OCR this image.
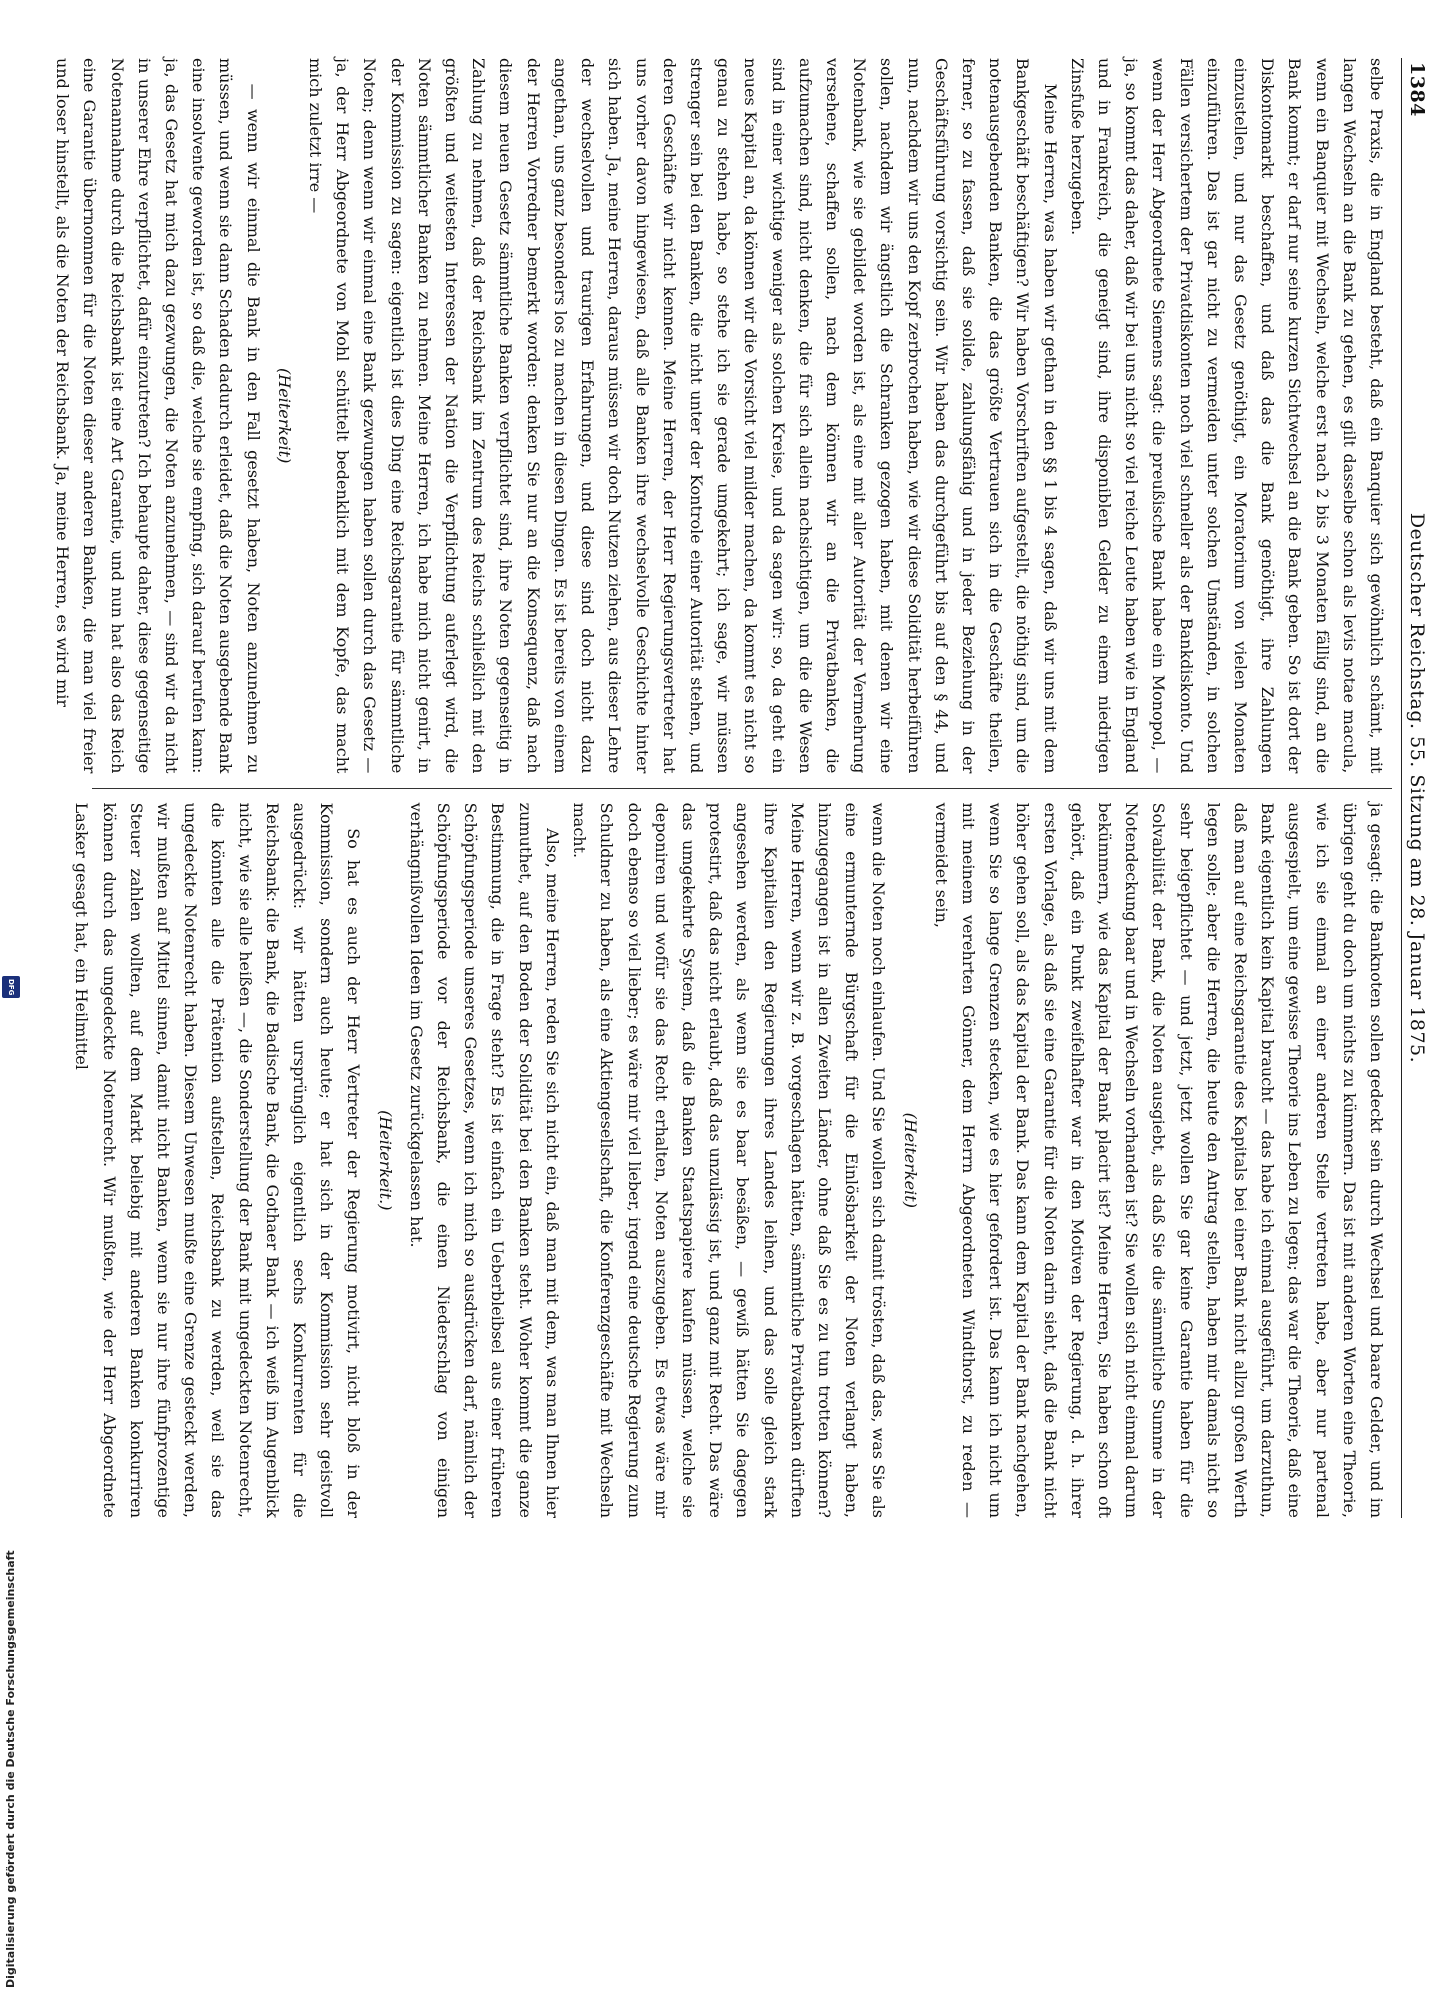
1384
Deutscher Reichstag. 55. Sitzung am 28. Januar 1875.

selbe Praxis, die in England besteht, daß ein Banquier sich gewöhnlich schämt, mit langen Wechseln an die Bank zu gehen, es gilt dasselbe schon als levis notae macula, wenn ein Banquier mit Wechseln, welche erst nach 2 bis 3 Monaten fällig sind, an die Bank kommt; er darf nur seine kurzen Sichtwechsel an die Bank geben. So ist dort der Diskontomarkt beschaffen, und daß das die Bank genöthigt, ihre Zahlungen einzustellen, und nur das Gesetz genöthigt, ein Moratorium von vielen Monaten einzuführen. Das ist gar nicht zu vermeiden unter solchen Umständen, in solchen Fällen versichertem der Privatdiskonten noch viel schneller als der Bankdiskonto. Und wenn der Herr Abgeordnete Siemens sagt: die preußische Bank habe ein Monopol, — ja, so kommt das daher, daß wir bei uns nicht so viel reiche Leute haben wie in England und in Frankreich, die geneigt sind, ihre disponiblen Gelder zu einem niedrigen Zinsfuße herzugeben.

Meine Herren, was haben wir gethan in den §§ 1 bis 4 sagen, daß wir uns mit dem Bankgeschäft beschäftigen? Wir haben Vorschriften aufgestellt, die nöthig sind, um die notenausgebenden Banken, die das größte Vertrauen sich in die Geschäfte theilen, ferner, so zu fassen, daß sie solide, zahlungsfähig und in jeder Beziehung in der Geschäftsführung vorsichtig sein. Wir haben das durchgeführt bis auf den § 44, und nun, nachdem wir uns den Kopf zerbrochen haben, wie wir diese Solidität herbeiführen sollen, nachdem wir ängstlich die Schranken gezogen haben, mit denen wir eine Notenbank, wie sie gebildet worden ist, als eine mit aller Autorität der Vermehrung versehene, schaffen sollen, nach dem können wir an die Privatbanken, die aufzumachen sind, nicht denken, die für sich allein nachsichtigen, um die die Wesen sind in einer wichtige weniger als solchen Kreise, und da sagen wir: so, da geht ein neues Kapital an, da können wir die Vorsicht viel milder machen, da kommt es nicht so genau zu stehen habe, so stehe ich sie gerade umgekehrt; ich sage, wir müssen strenger sein bei den Banken, die nicht unter der Kontrole einer Autorität stehen, und deren Geschäfte wir nicht kennen. Meine Herren, der Herr Regierungsvertreter hat uns vorher davon hingewiesen, daß alle Banken ihre wechselvolle Geschichte hinter sich haben. Ja, meine Herren, daraus müssen wir doch Nutzen ziehen, aus dieser Lehre der wechselvollen und traurigen Erfahrungen, und diese sind doch nicht dazu angethan, uns ganz besonders los zu machen in diesen Dingen. Es ist bereits von einem der Herren Vorredner bemerkt worden: denken Sie nur an die Konsequenz, daß nach diesem neuen Gesetz sämmtliche Banken verpflichtet sind, ihre Noten gegenseitig in Zahlung zu nehmen, daß der Reichsbank im Zentrum des Reichs schließlich mit den größten und weitesten Interessen der Nation die Verpflichtung auferlegt wird, die Noten sämmtlicher Banken zu nehmen. Meine Herren, ich habe mich nicht genirt, in der Kommission zu sagen: eigentlich ist dies Ding eine Reichsgarantie für sämmtliche Noten; denn wenn wir einmal eine Bank gezwungen haben sollen durch das Gesetz — ja, der Herr Abgeordnete von Mohl schüttelt bedenklich mit dem Kopfe, das macht mich zuletzt irre —

(Heiterkeit)

— wenn wir einmal die Bank in den Fall gesetzt haben, Noten anzunehmen zu müssen, und wenn sie dann Schaden dadurch erleidet, daß die Noten ausgebende Bank eine insolvente geworden ist, so daß die, welche sie empfing, sich darauf berufen kann: ja, das Gesetz hat mich dazu gezwungen, die Noten anzunehmen, — sind wir da nicht in unserer Ehre verpflichtet, dafür einzutreten? Ich behaupte daher, diese gegenseitige Notenannahme durch die Reichsbank ist eine Art Garantie, und nun hat also das Reich eine Garantie übernommen für die Noten dieser anderen Banken, die man viel freier und loser hinstellt, als die Noten der Reichsbank. Ja, meine Herren, es wird mir

ja gesagt: die Banknoten sollen gedeckt sein durch Wechsel und baare Gelder, und im übrigen geht du doch um nichts zu kümmern. Das ist mit anderen Worten eine Theorie, wie ich sie einmal an einer anderen Stelle vertreten habe, aber nur partenal ausgespielt, um eine gewisse Theorie ins Leben zu legen; das war die Theorie, daß eine Bank eigentlich kein Kapital braucht — das habe ich einmal ausgeführt, um darzuthun, daß man auf eine Reichsgarantie des Kapitals bei einer Bank nicht allzu großen Werth legen solle; aber die Herren, die heute den Antrag stellen, haben mir damals nicht so sehr beigepflichtet — und jetzt, jetzt wollen Sie gar keine Garantie haben für die Solvabilität der Bank, die Noten ausgiebt, als daß Sie die sämmtliche Summe in der Notendeckung baar und in Wechseln vorhanden ist? Sie wollen sich nicht einmal darum bekümmern, wie das Kapital der Bank placirt ist? Meine Herren, Sie haben schon oft gehört, daß ein Punkt zweifelhafter war in den Motiven der Regierung, d. h. ihrer ersten Vorlage, als daß sie eine Garantie für die Noten darin sieht, daß die Bank nicht höher gehen soll, als das Kapital der Bank. Das kann dem Kapital der Bank nachgehen, wenn Sie so lange Grenzen stecken, wie es hier gefordert ist. Das kann ich nicht um mit meinem verehrten Gönner, dem Herrn Abgeordneten Windthorst, zu reden — vermeidet sein,

(Heiterkeit)

wenn die Noten noch einlaufen. Und Sie wollen sich damit trösten, daß das, was Sie als eine ermunternde Bürgschaft für die Einlösbarkeit der Noten verlangt haben, hinzugegangen ist in allen Zweiten Länder, ohne daß Sie es zu tun trotten können? Meine Herren, wenn wir z. B. vorgeschlagen hätten, sämmtliche Privatbanken dürften ihre Kapitalien den Regierungen ihres Landes leihen, und das solle gleich stark angesehen werden, als wenn sie es baar besäßen, — gewiß hätten Sie dagegen protestirt, daß das nicht erlaubt, daß das unzulässig ist, und ganz mit Recht. Das wäre das umgekehrte System, daß die Banken Staatspapiere kaufen müssen, welche sie deponiren und wofür sie das Recht erhalten, Noten auszugeben. Es etwas wäre mir doch ebenso so viel lieber; es wäre mir viel lieber, irgend eine deutsche Regierung zum Schuldner zu haben, als eine Aktiengesellschaft, die Konferenzgeschäfte mit Wechseln macht.

Also, meine Herren, reden Sie sich nicht ein, daß man mit dem, was man Ihnen hier zumuthet, auf den Boden der Solidität bei den Banken steht. Woher kommt die ganze Bestimmung, die in Frage steht? Es ist einfach ein Ueberbleibsel aus einer früheren Schöpfungsperiode unseres Gesetzes, wenn ich mich so ausdrücken darf, nämlich der Schöpfungsperiode vor der Reichsbank, die einen Niederschlag von einigen verhängnißvollen Ideen im Gesetz zurückgelassen hat.

(Heiterkeit.)

So hat es auch der Herr Vertreter der Regierung motivirt, nicht bloß in der Kommission, sondern auch heute; er hat sich in der Kommission sehr geistvoll ausgedrückt: wir hätten ursprünglich eigentlich sechs Konkurrenten für die Reichsbank: die Bank, die Badische Bank, die Gothaer Bank — ich weiß im Augenblick nicht, wie sie alle heißen —, die Sonderstellung der Bank mit ungedeckten Notenrecht, die könnten alle die Prätention aufstellen, Reichsbank zu werden, weil sie das ungedeckte Notenrecht haben. Diesem Unwesen mußte eine Grenze gesteckt werden, wir mußten auf Mittel sinnen, damit nicht Banken, wenn sie nur ihre fünfprozentige Steuer zahlen wollten, auf dem Markt beliebig mit anderen Banken konkurriren können durch das ungedeckte Notenrecht. Wir mußten, wie der Herr Abgeordnete Lasker gesagt hat, ein Heilmittel

Digitalisierung gefördert durch die Deutsche Forschungsgemeinschaft
DFG
